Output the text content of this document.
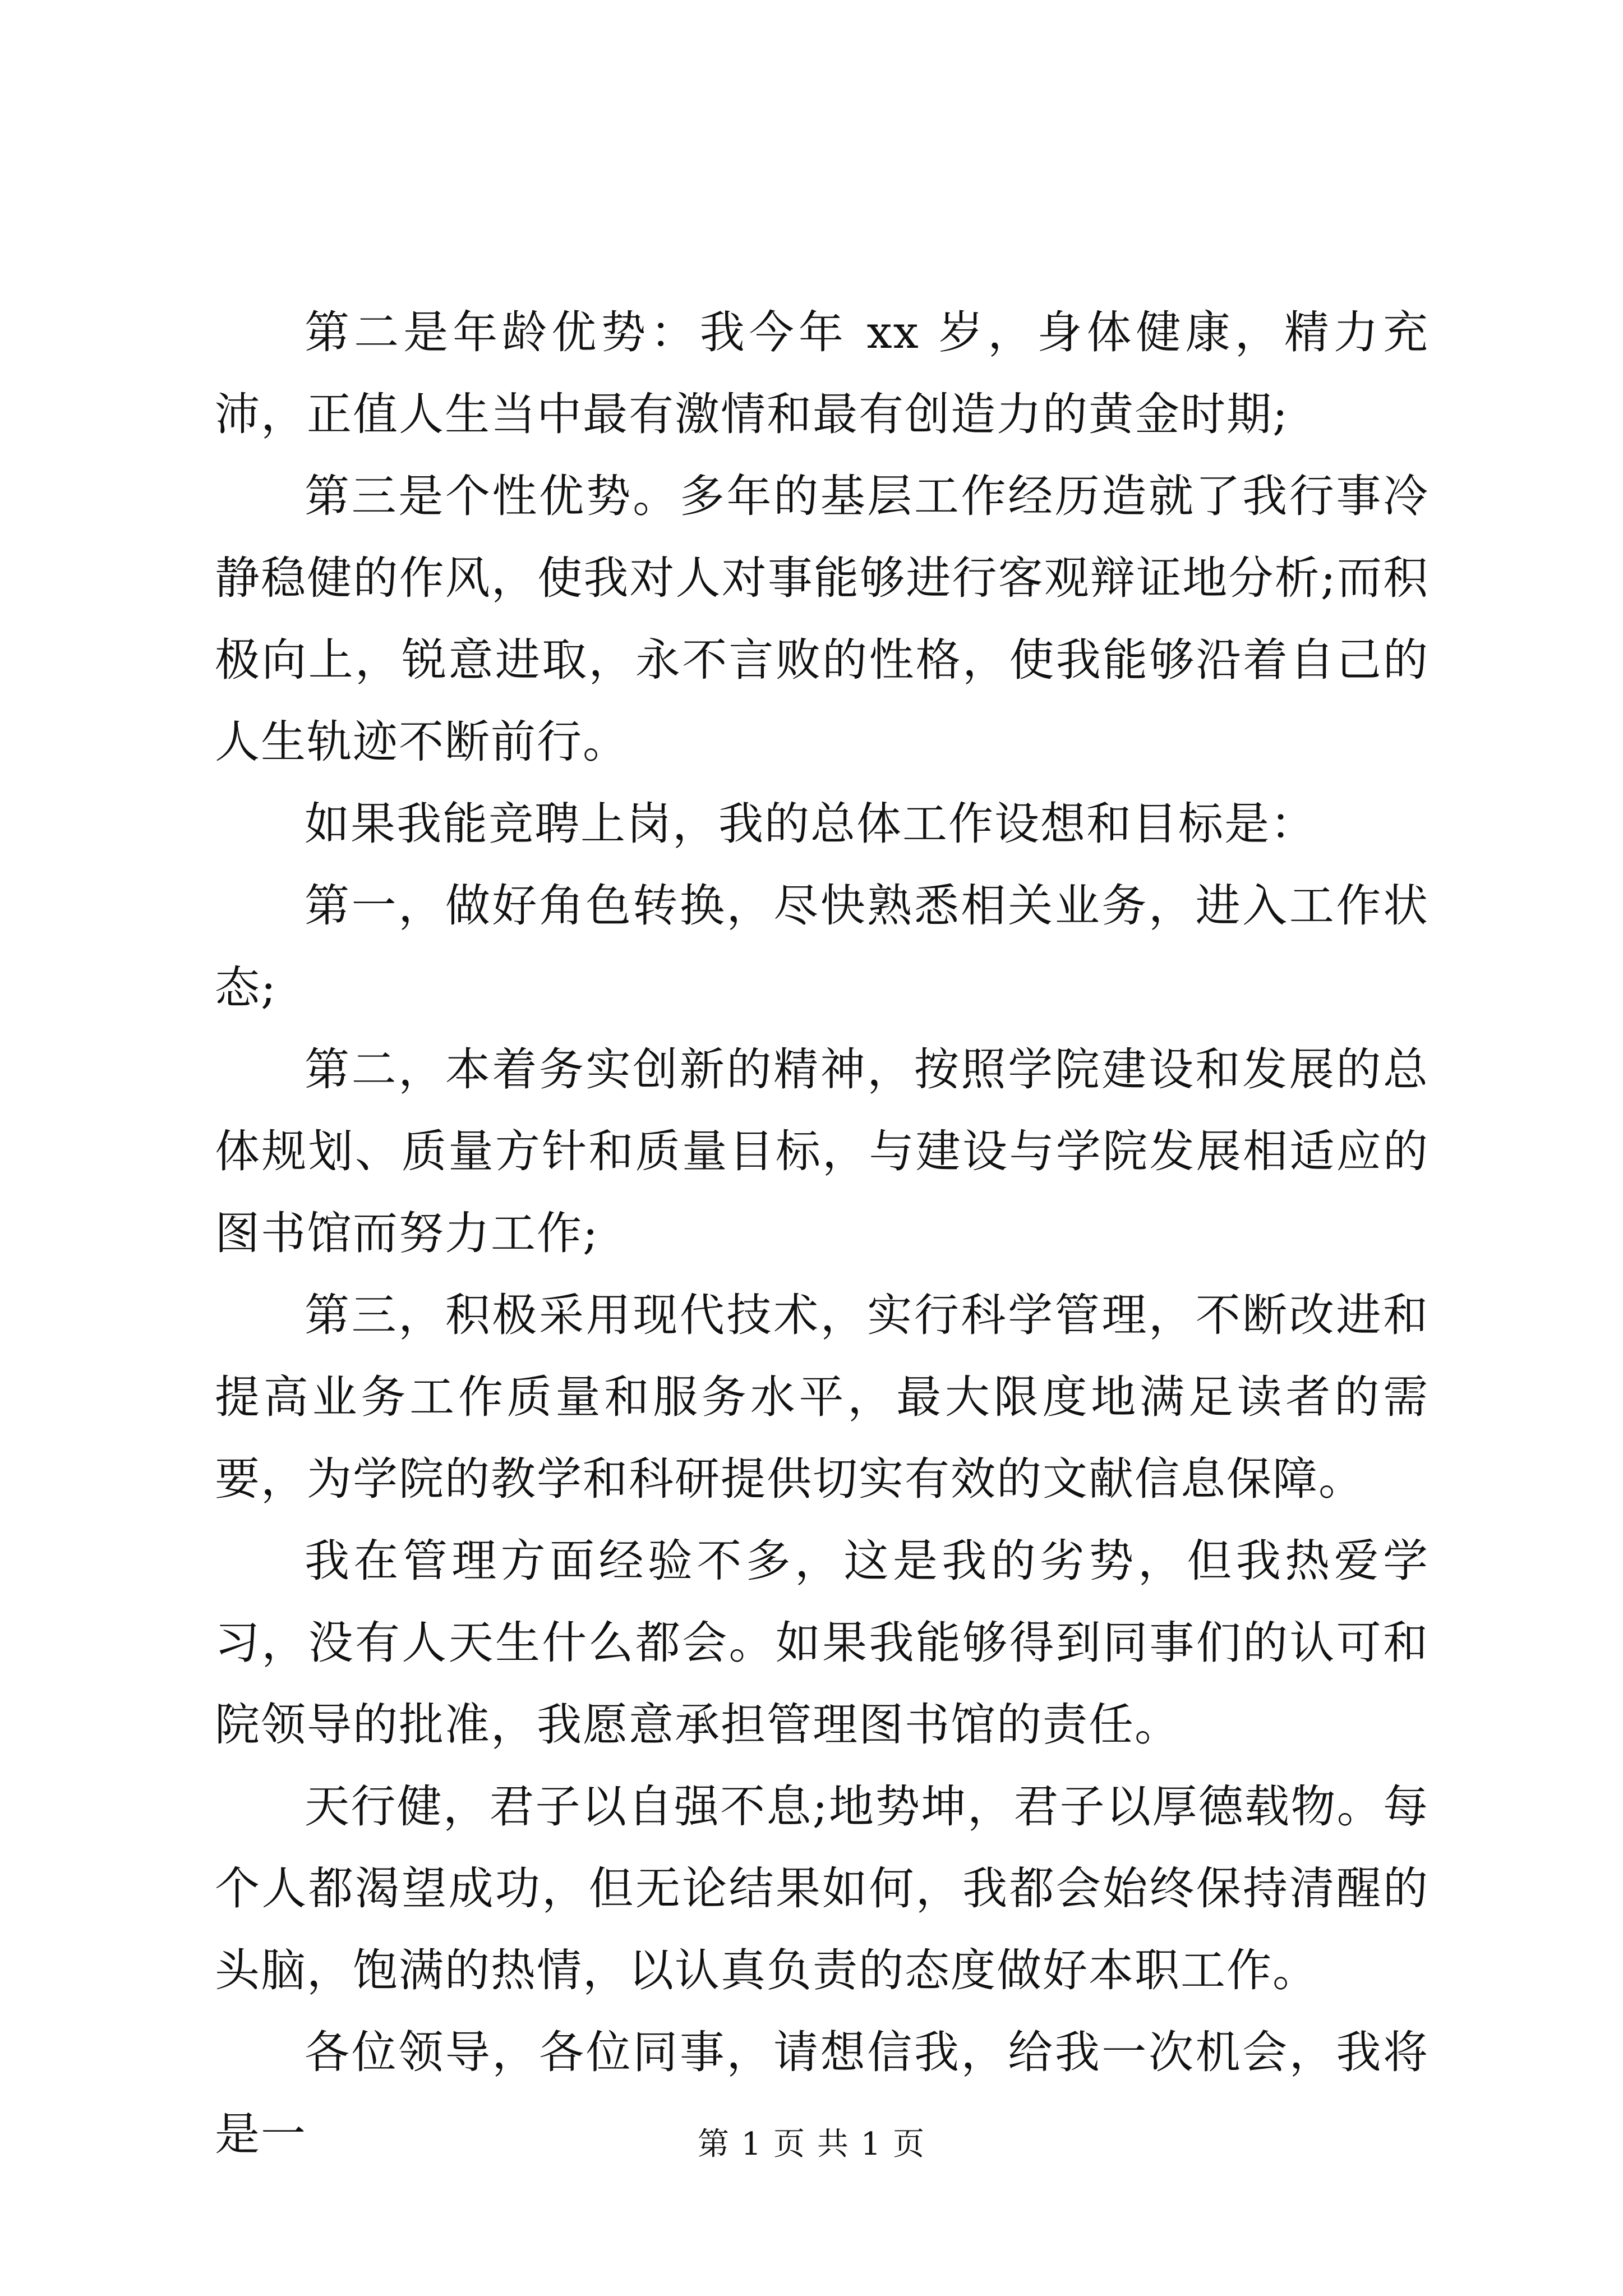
第二是年龄优势：我今年 xx 岁，身体健康，精力充沛，正值人生当中最有激情和最有创造力的黄金时期;

第三是个性优势。多年的基层工作经历造就了我行事冷静稳健的作风，使我对人对事能够进行客观辩证地分析;而积极向上，锐意进取，永不言败的性格，使我能够沿着自己的人生轨迹不断前行。

如果我能竞聘上岗，我的总体工作设想和目标是：

第一，做好角色转换，尽快熟悉相关业务，进入工作状态;

第二，本着务实创新的精神，按照学院建设和发展的总体规划、质量方针和质量目标，与建设与学院发展相适应的图书馆而努力工作;

第三，积极采用现代技术，实行科学管理，不断改进和提高业务工作质量和服务水平，最大限度地满足读者的需要，为学院的教学和科研提供切实有效的文献信息保障。

我在管理方面经验不多，这是我的劣势，但我热爱学习，没有人天生什么都会。如果我能够得到同事们的认可和院领导的批准，我愿意承担管理图书馆的责任。

天行健，君子以自强不息;地势坤，君子以厚德载物。每个人都渴望成功，但无论结果如何，我都会始终保持清醒的头脑，饱满的热情，以认真负责的态度做好本职工作。

各位领导，各位同事，请想信我，给我一次机会，我将是一	第 1 页 共 1 页
